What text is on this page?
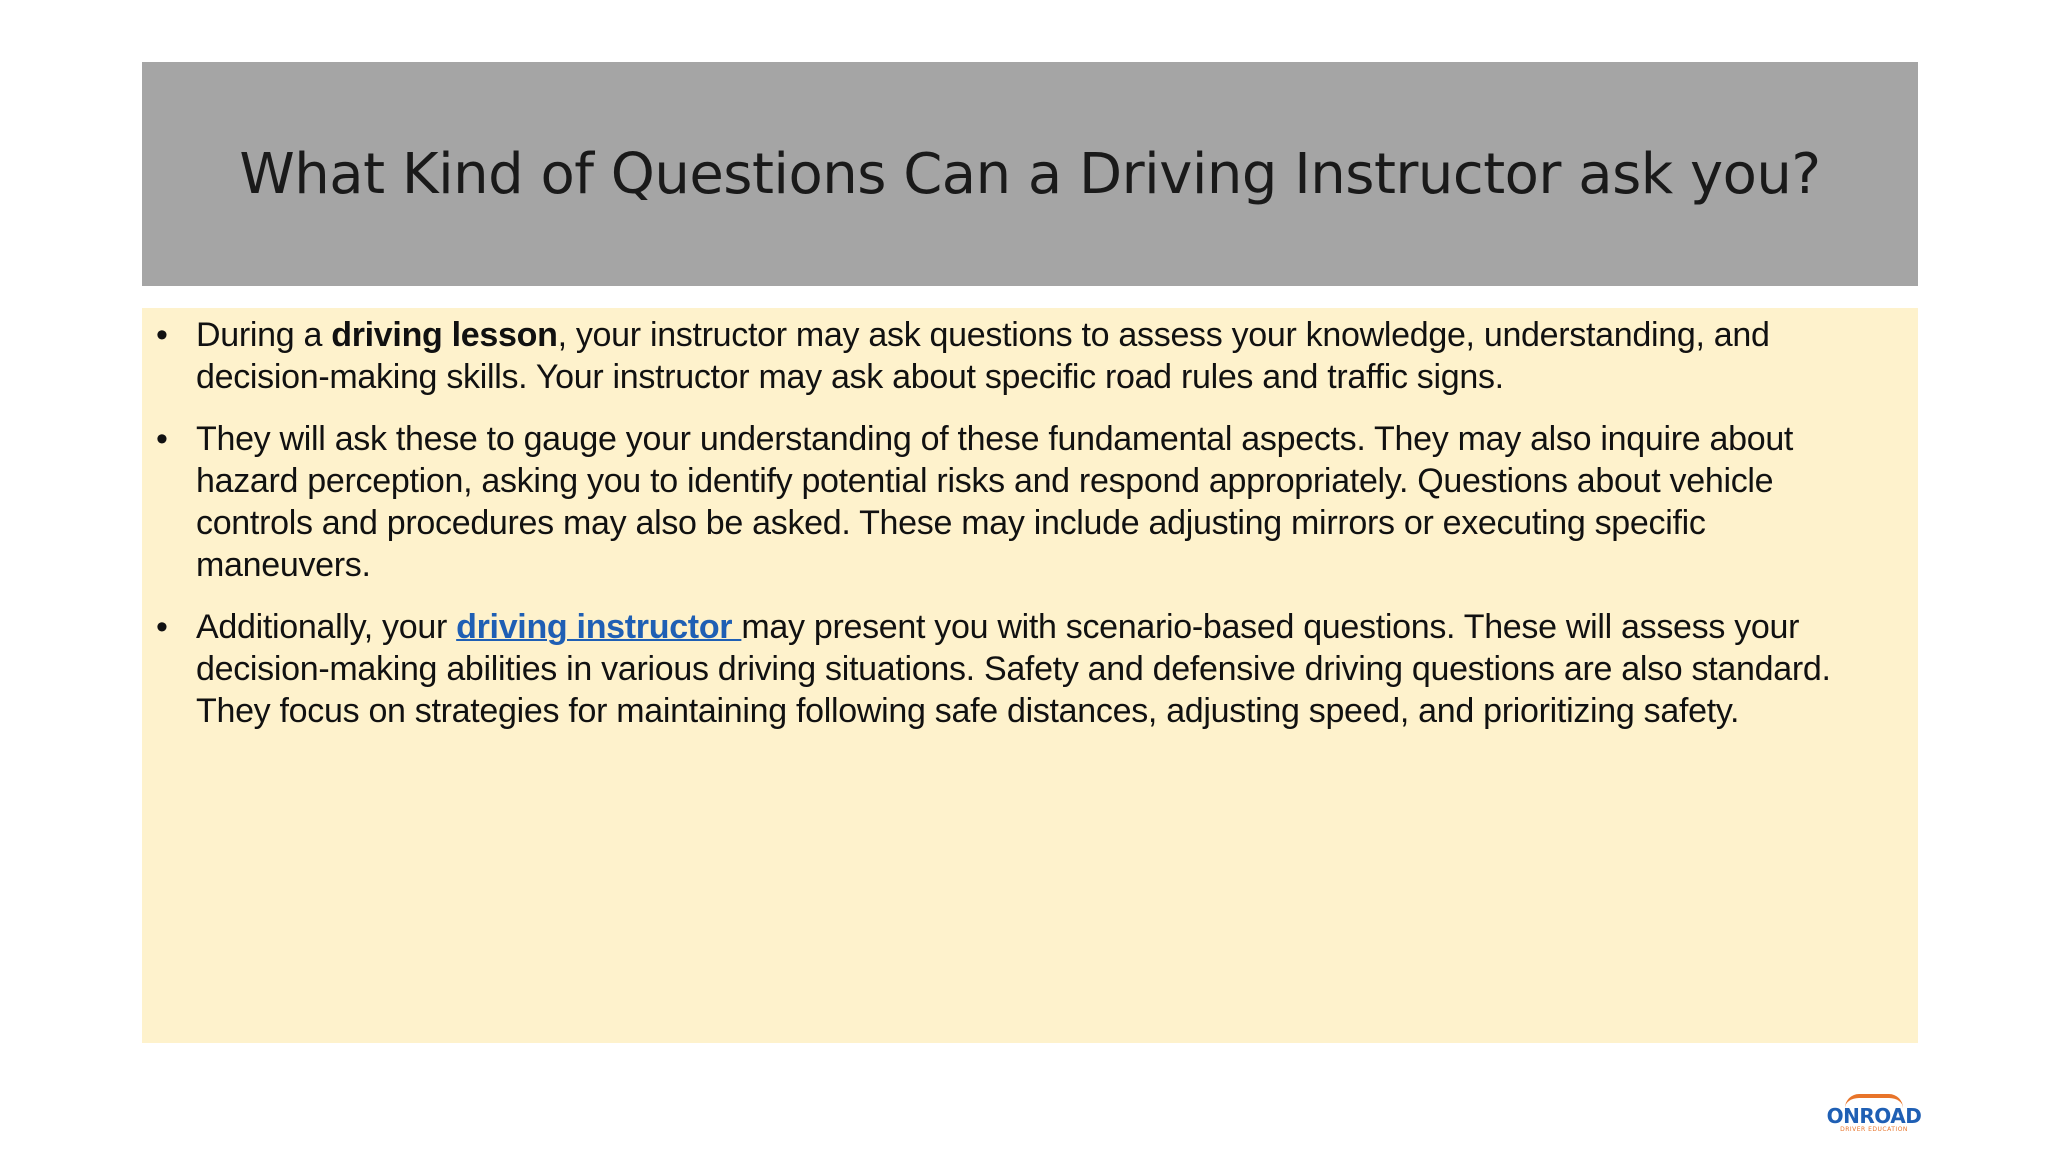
What Kind of Questions Can a Driving Instructor ask you?
• During a driving lesson, your instructor may ask questions to assess your knowledge, understanding, and decision-making skills. Your instructor may ask about specific road rules and traffic signs.
• They will ask these to gauge your understanding of these fundamental aspects. They may also inquire about hazard perception, asking you to identify potential risks and respond appropriately. Questions about vehicle controls and procedures may also be asked. These may include adjusting mirrors or executing specific maneuvers.
• Additionally, your driving instructor may present you with scenario-based questions. These will assess your decision-making abilities in various driving situations. Safety and defensive driving questions are also standard. They focus on strategies for maintaining following safe distances, adjusting speed, and prioritizing safety.
ONROAD
DRIVER EDUCATION
